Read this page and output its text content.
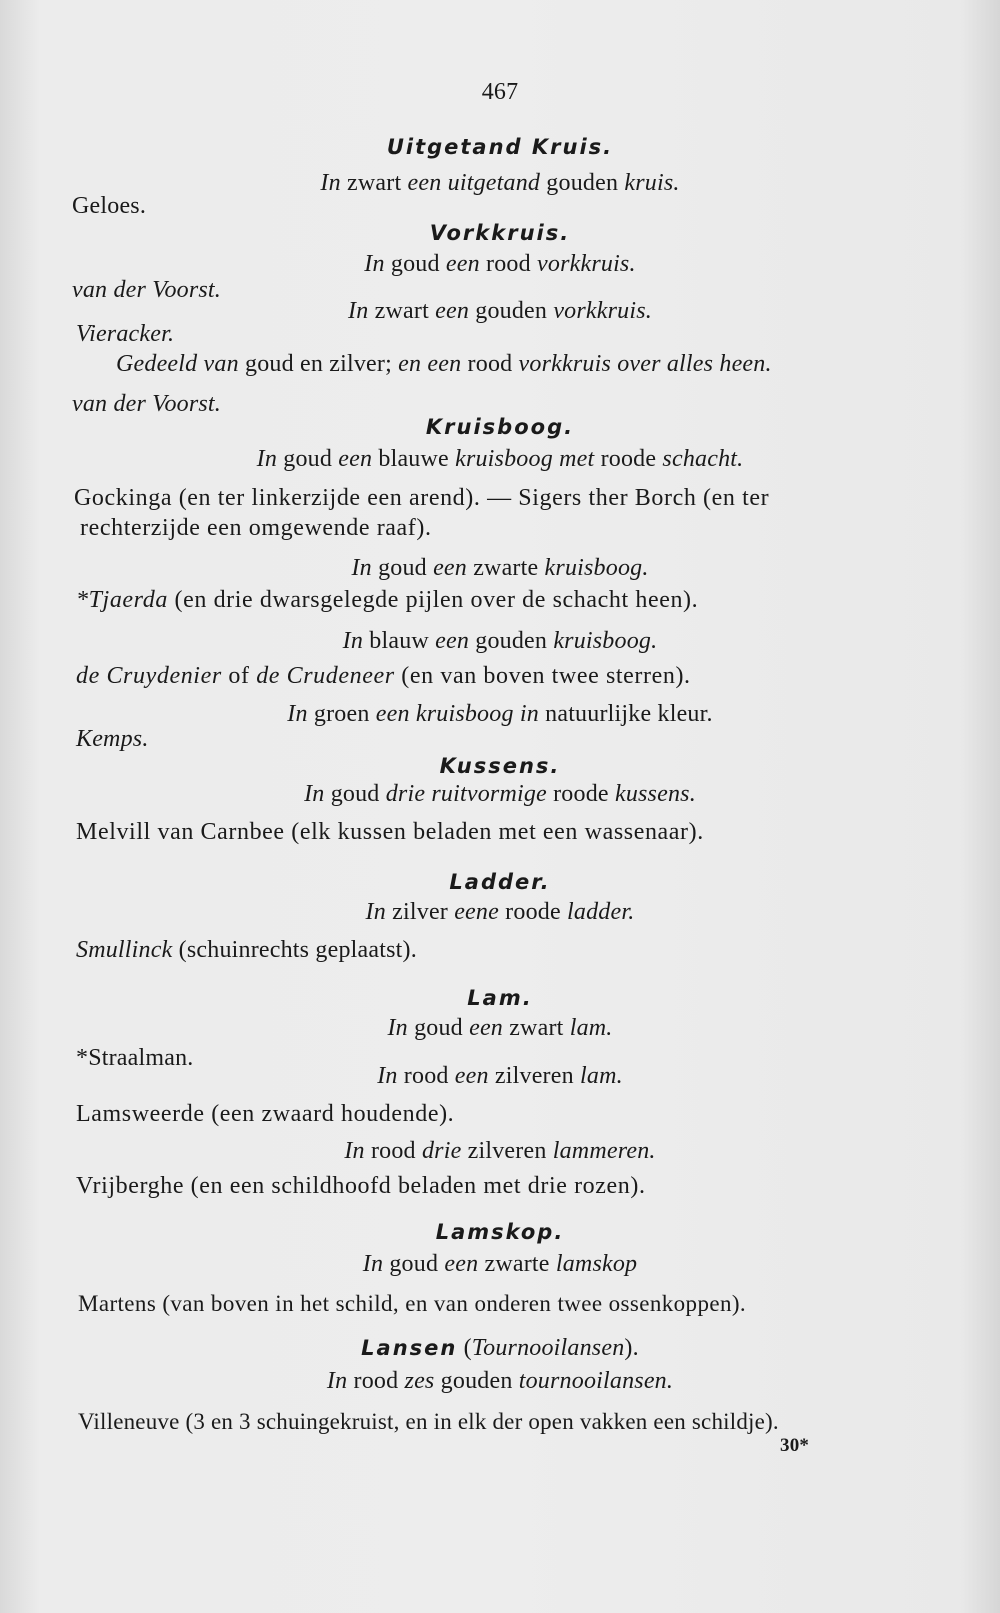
467
Uitgetand Kruis.
In zwart een uitgetand gouden kruis.
Geloes.
Vorkkruis.
In goud een rood vorkkruis.
van der Voorst.
In zwart een gouden vorkkruis.
Vieracker.
Gedeeld van goud en zilver; en een rood vorkkruis over alles heen.
van der Voorst.
Kruisboog.
In goud een blauwe kruisboog met roode schacht.
Gockinga (en ter linkerzijde een arend). — Sigers ther Borch (en ter
rechterzijde een omgewende raaf).
In goud een zwarte kruisboog.
*Tjaerda (en drie dwarsgelegde pijlen over de schacht heen).
In blauw een gouden kruisboog.
de Cruydenier of de Crudeneer (en van boven twee sterren).
In groen een kruisboog in natuurlijke kleur.
Kemps.
Kussens.
In goud drie ruitvormige roode kussens.
Melvill van Carnbee (elk kussen beladen met een wassenaar).
Ladder.
In zilver eene roode ladder.
Smullinck (schuinrechts geplaatst).
Lam.
In goud een zwart lam.
*Straalman.
In rood een zilveren lam.
Lamsweerde (een zwaard houdende).
In rood drie zilveren lammeren.
Vrijberghe (en een schildhoofd beladen met drie rozen).
Lamskop.
In goud een zwarte lamskop
Martens (van boven in het schild, en van onderen twee ossenkoppen).
Lansen (Tournooilansen).
In rood zes gouden tournooilansen.
Villeneuve (3 en 3 schuingekruist, en in elk der open vakken een schildje).
30*
